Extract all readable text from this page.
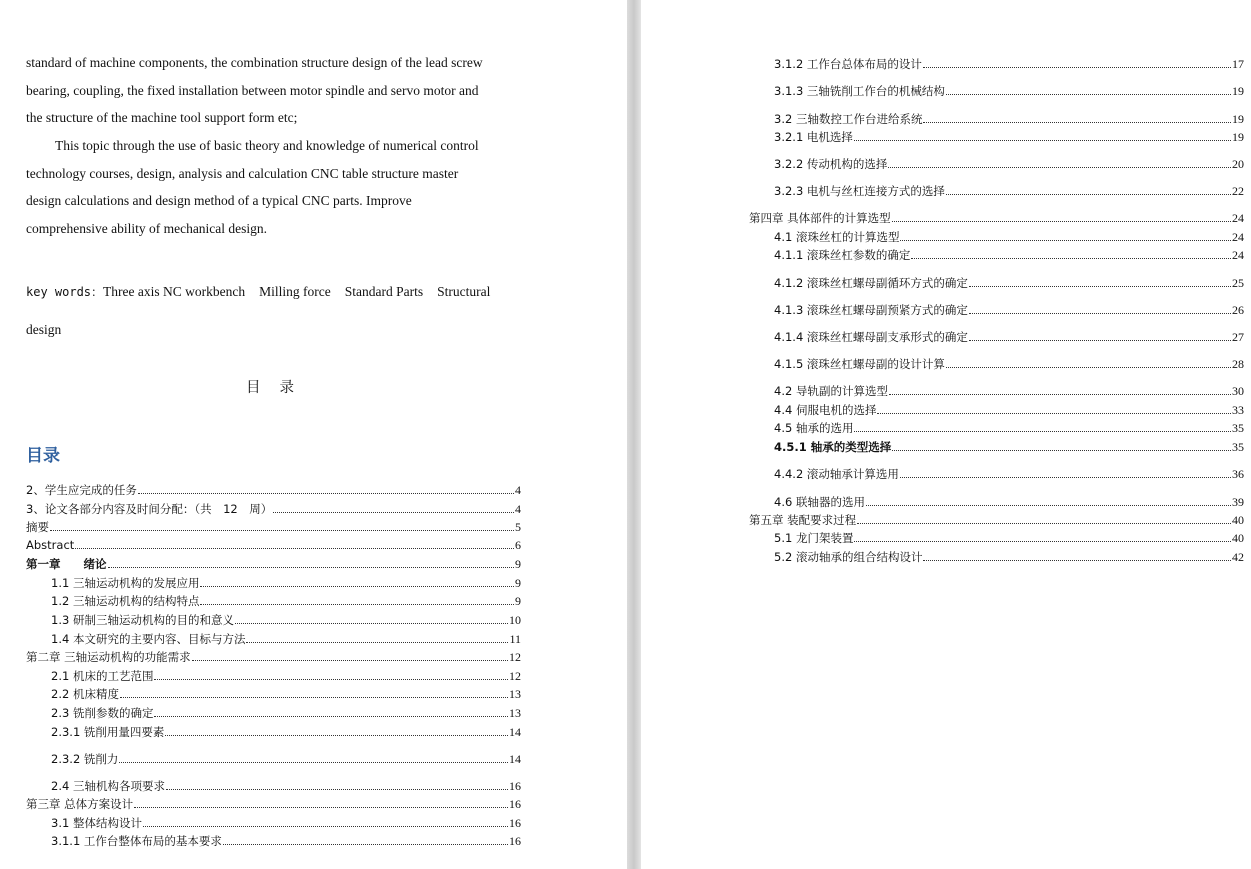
standard of machine components, the combination structure design of the lead screw

bearing, coupling, the fixed installation between motor spindle and servo motor and

the structure of the machine tool support form etc;

This topic through the use of basic theory and knowledge of numerical control

technology courses, design, analysis and calculation CNC table structure master

design calculations and design method of a typical CNC parts. Improve

comprehensive ability of mechanical design.

key words：Three axis NC workbench Milling force Standard Parts Structural
design
目录
目录
2、学生应完成的任务	4
3、论文各部分内容及时间分配：（共　12　周）	4
摘要	5
Abstract	6
第一章　　绪论	9
1.1 三轴运动机构的发展应用	9
1.2 三轴运动机构的结构特点	9
1.3 研制三轴运动机构的目的和意义	10
1.4 本文研究的主要内容、目标与方法	11
第二章 三轴运动机构的功能需求	12
2.1 机床的工艺范围	12
2.2 机床精度	13
2.3 铣削参数的确定	13
2.3.1 铣削用量四要素	14
2.3.2 铣削力	14
2.4 三轴机构各项要求	16
第三章 总体方案设计	16
3.1 整体结构设计	16
3.1.1 工作台整体布局的基本要求	16
3.1.2 工作台总体布局的设计	17
3.1.3 三轴铣削工作台的机械结构	19
3.2 三轴数控工作台进给系统	19
3.2.1 电机选择	19
3.2.2 传动机构的选择	20
3.2.3 电机与丝杠连接方式的选择	22
第四章 具体部件的计算选型	24
4.1 滚珠丝杠的计算选型	24
4.1.1 滚珠丝杠参数的确定	24
4.1.2 滚珠丝杠螺母副循环方式的确定	25
4.1.3 滚珠丝杠螺母副预紧方式的确定	26
4.1.4 滚珠丝杠螺母副支承形式的确定	27
4.1.5 滚珠丝杠螺母副的设计计算	28
4.2 导轨副的计算选型	30
4.4 伺服电机的选择	33
4.5 轴承的选用	35
4.5.1 轴承的类型选择	35
4.4.2 滚动轴承计算选用	36
4.6 联轴器的选用	39
第五章 装配要求过程	40
5.1 龙门架装置	40
5.2 滚动轴承的组合结构设计	42
